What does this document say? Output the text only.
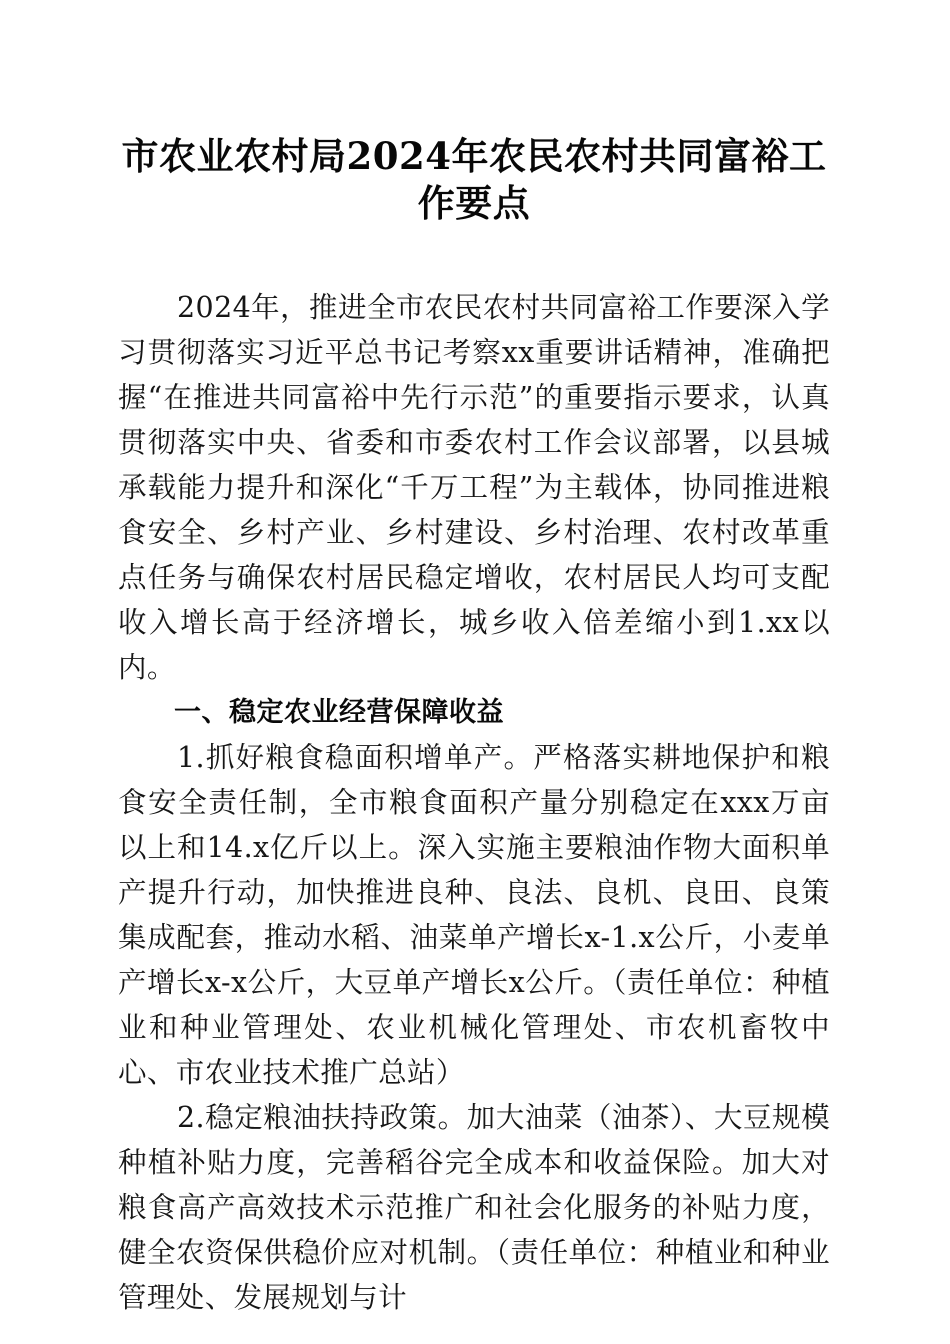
市农业农村局2024年农民农村共同富裕工作要点

2024年，推进全市农民农村共同富裕工作要深入学习贯彻落实习近平总书记考察xx重要讲话精神，准确把握“在推进共同富裕中先行示范”的重要指示要求，认真贯彻落实中央、省委和市委农村工作会议部署，以县城承载能力提升和深化“千万工程”为主载体，协同推进粮食安全、乡村产业、乡村建设、乡村治理、农村改革重点任务与确保农村居民稳定增收，农村居民人均可支配收入增长高于经济增长，城乡收入倍差缩小到1.xx以内。

一、稳定农业经营保障收益

1.抓好粮食稳面积增单产。严格落实耕地保护和粮食安全责任制，全市粮食面积产量分别稳定在xxx万亩以上和14.x亿斤以上。深入实施主要粮油作物大面积单产提升行动，加快推进良种、良法、良机、良田、良策集成配套，推动水稻、油菜单产增长x-1.x公斤，小麦单产增长x-x公斤，大豆单产增长x公斤。（责任单位：种植业和种业管理处、农业机械化管理处、市农机畜牧中心、市农业技术推广总站）

2.稳定粮油扶持政策。加大油菜（油茶）、大豆规模种植补贴力度，完善稻谷完全成本和收益保险。加大对粮食高产高效技术示范推广和社会化服务的补贴力度，健全农资保供稳价应对机制。（责任单位：种植业和种业管理处、发展规划与计
